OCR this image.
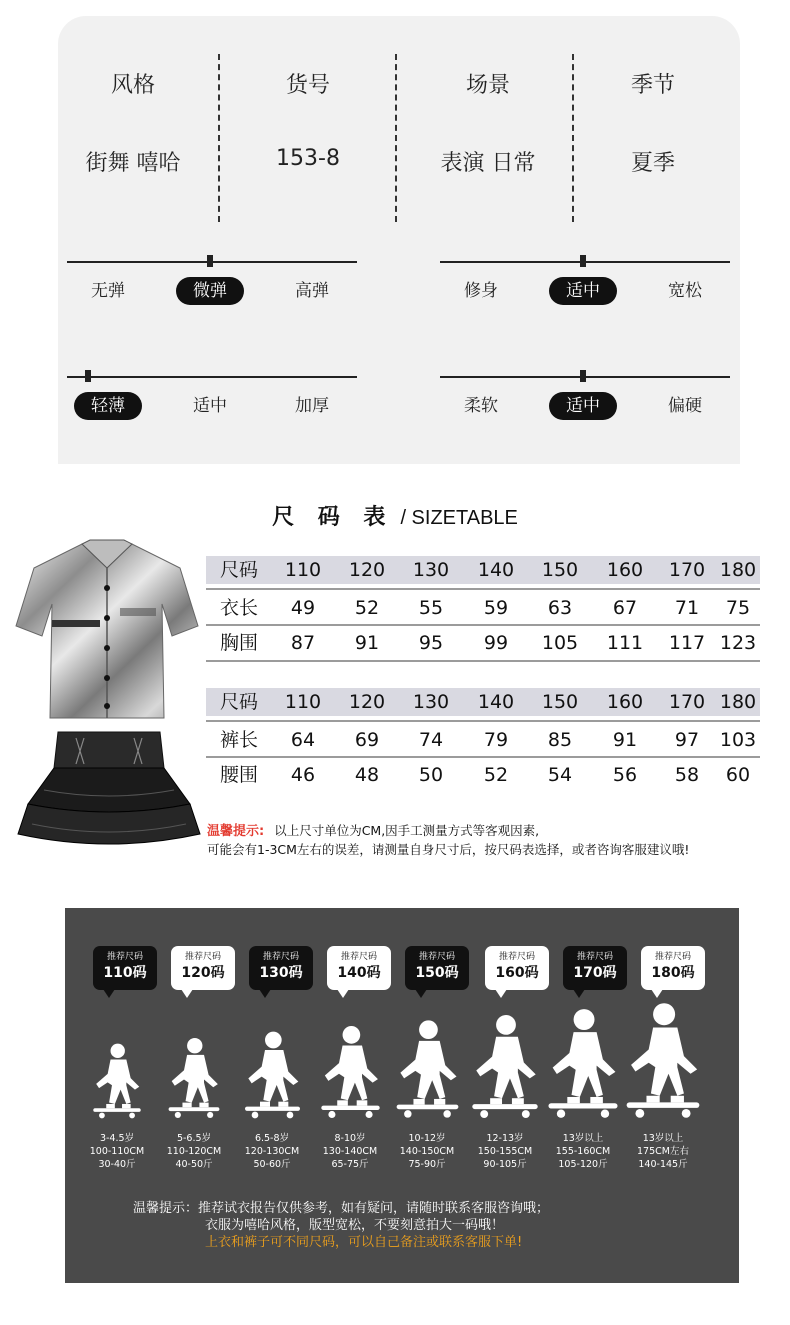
风格
街舞 嘻哈
货号
153-8
场景
表演 日常
季节
夏季
无弹	微弹	高弹	修身	适中	宽松
轻薄	适中	加厚	柔软	适中	偏硬
尺 码 表 / SIZETABLE
尺码	110	120	130	140	150	160	170 180
衣长	49	52	55	59	63	67	71	75
胸围	87	91	95	99	105	111	117 123
尺码	110	120	130	140	150	160	170 180
裤长	64	69	74	79	85	91	97	103
腰围	46	48	50	52	54	56	58	60
温馨提示: 以上尺寸单位为CM,因手工测量方式等客观因素,
可能会有1-3CM左右的误差，请测量自身尺寸后，按尺码表选择，或者咨询客服建议哦!
推荐尺码
110码
3-4.5岁
100-110CM
30-40斤
推荐尺码
120码
5-6.5岁
110-120CM
40-50斤
推荐尺码
130码
6.5-8岁
120-130CM
50-60斤
推荐尺码
140码
8-10岁
130-140CM
65-75斤
推荐尺码
150码
10-12岁
140-150CM
75-90斤
推荐尺码
160码
12-13岁
150-155CM
90-105斤
推荐尺码
170码
13岁以上
155-160CM
105-120斤
推荐尺码
180码
13岁以上
175CM左右
140-145斤
温馨提示：推荐试衣报告仅供参考，如有疑问，请随时联系客服咨询哦；
衣服为嘻哈风格，版型宽松，不要刻意拍大一码哦！
上衣和裤子可不同尺码，可以自己备注或联系客服下单!
